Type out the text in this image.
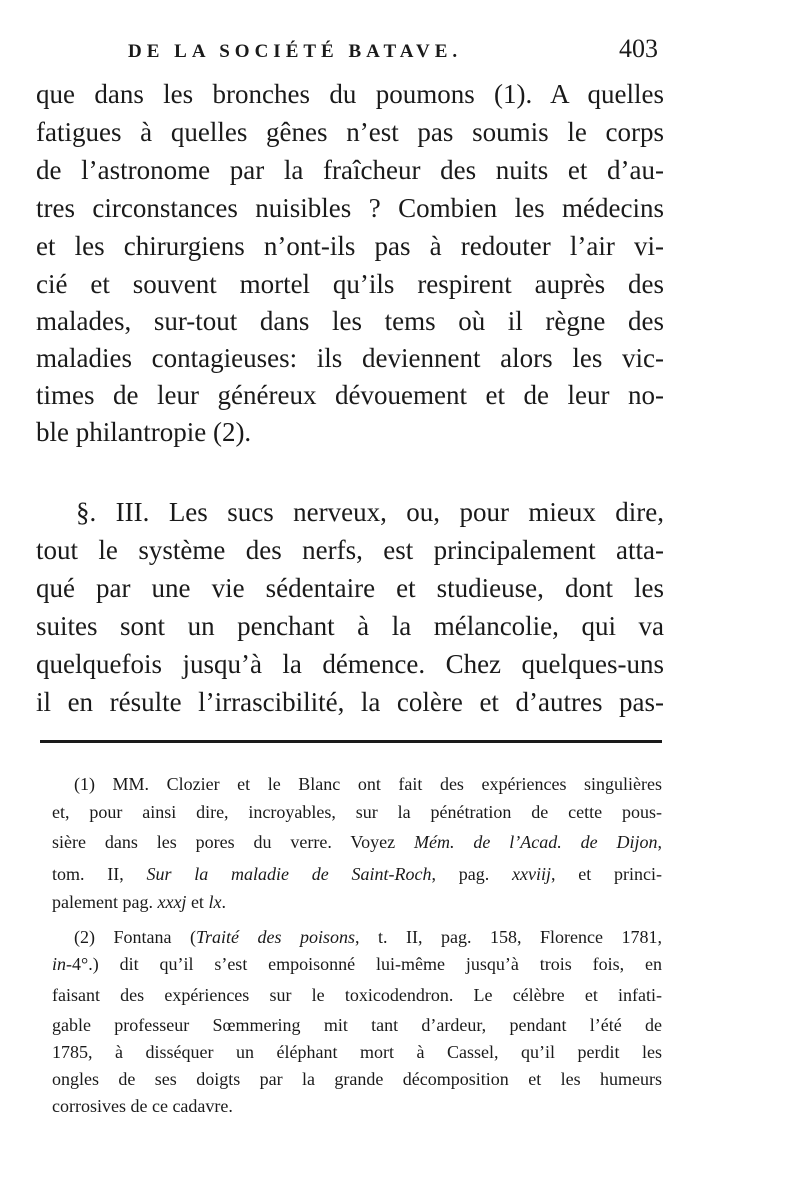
DE LA SOCIÉTÉ BATAVE.	403
que dans les bronches du poumons (1). A quelles
fatigues à quelles gênes n’est pas soumis le corps
de l’astronome par la fraîcheur des nuits et d’au-
tres circonstances nuisibles ? Combien les médecins
et les chirurgiens n’ont-ils pas à redouter l’air vi-
cié et souvent mortel qu’ils respirent auprès des
malades, sur-tout dans les tems où il règne des
maladies contagieuses: ils deviennent alors les vic-
times de leur généreux dévouement et de leur no-
ble philantropie (2).
§. III. Les sucs nerveux, ou, pour mieux dire,
tout le système des nerfs, est principalement atta-
qué par une vie sédentaire et studieuse, dont les
suites sont un penchant à la mélancolie, qui va
quelquefois jusqu’à la démence. Chez quelques-uns
il en résulte l’irrascibilité, la colère et d’autres pas-
(1) MM. Clozier et le Blanc ont fait des expériences singulières
et, pour ainsi dire, incroyables, sur la pénétration de cette pous-
sière dans les pores du verre. Voyez Mém. de l’Acad. de Dijon,
tom. II, Sur la maladie de Saint-Roch, pag. xxviij, et princi-
palement pag. xxxj et lx.
(2) Fontana (Traité des poisons, t. II, pag. 158, Florence 1781,
in-4°.) dit qu’il s’est empoisonné lui-même jusqu’à trois fois, en
faisant des expériences sur le toxicodendron. Le célèbre et infati-
gable professeur Sœmmering mit tant d’ardeur, pendant l’été de
1785, à disséquer un éléphant mort à Cassel, qu’il perdit les
ongles de ses doigts par la grande décomposition et les humeurs
corrosives de ce cadavre.
